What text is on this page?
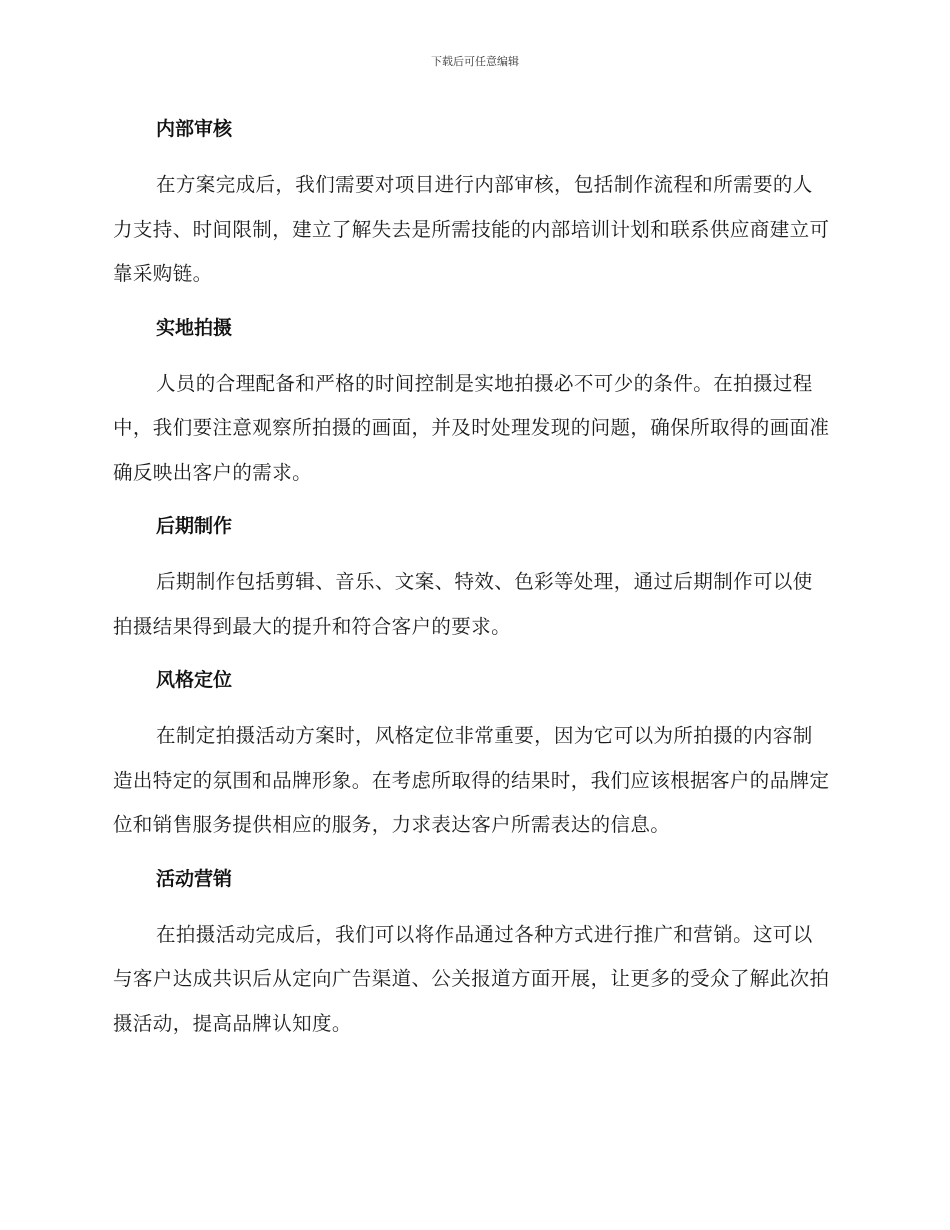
下载后可任意编辑
内部审核

在方案完成后，我们需要对项目进行内部审核，包括制作流程和所需要的人力支持、时间限制，建立了解失去是所需技能的内部培训计划和联系供应商建立可靠采购链。

实地拍摄

人员的合理配备和严格的时间控制是实地拍摄必不可少的条件。在拍摄过程中，我们要注意观察所拍摄的画面，并及时处理发现的问题，确保所取得的画面准确反映出客户的需求。

后期制作

后期制作包括剪辑、音乐、文案、特效、色彩等处理，通过后期制作可以使拍摄结果得到最大的提升和符合客户的要求。

风格定位

在制定拍摄活动方案时，风格定位非常重要，因为它可以为所拍摄的内容制造出特定的氛围和品牌形象。在考虑所取得的结果时，我们应该根据客户的品牌定位和销售服务提供相应的服务，力求表达客户所需表达的信息。

活动营销

在拍摄活动完成后，我们可以将作品通过各种方式进行推广和营销。这可以与客户达成共识后从定向广告渠道、公关报道方面开展，让更多的受众了解此次拍摄活动，提高品牌认知度。
